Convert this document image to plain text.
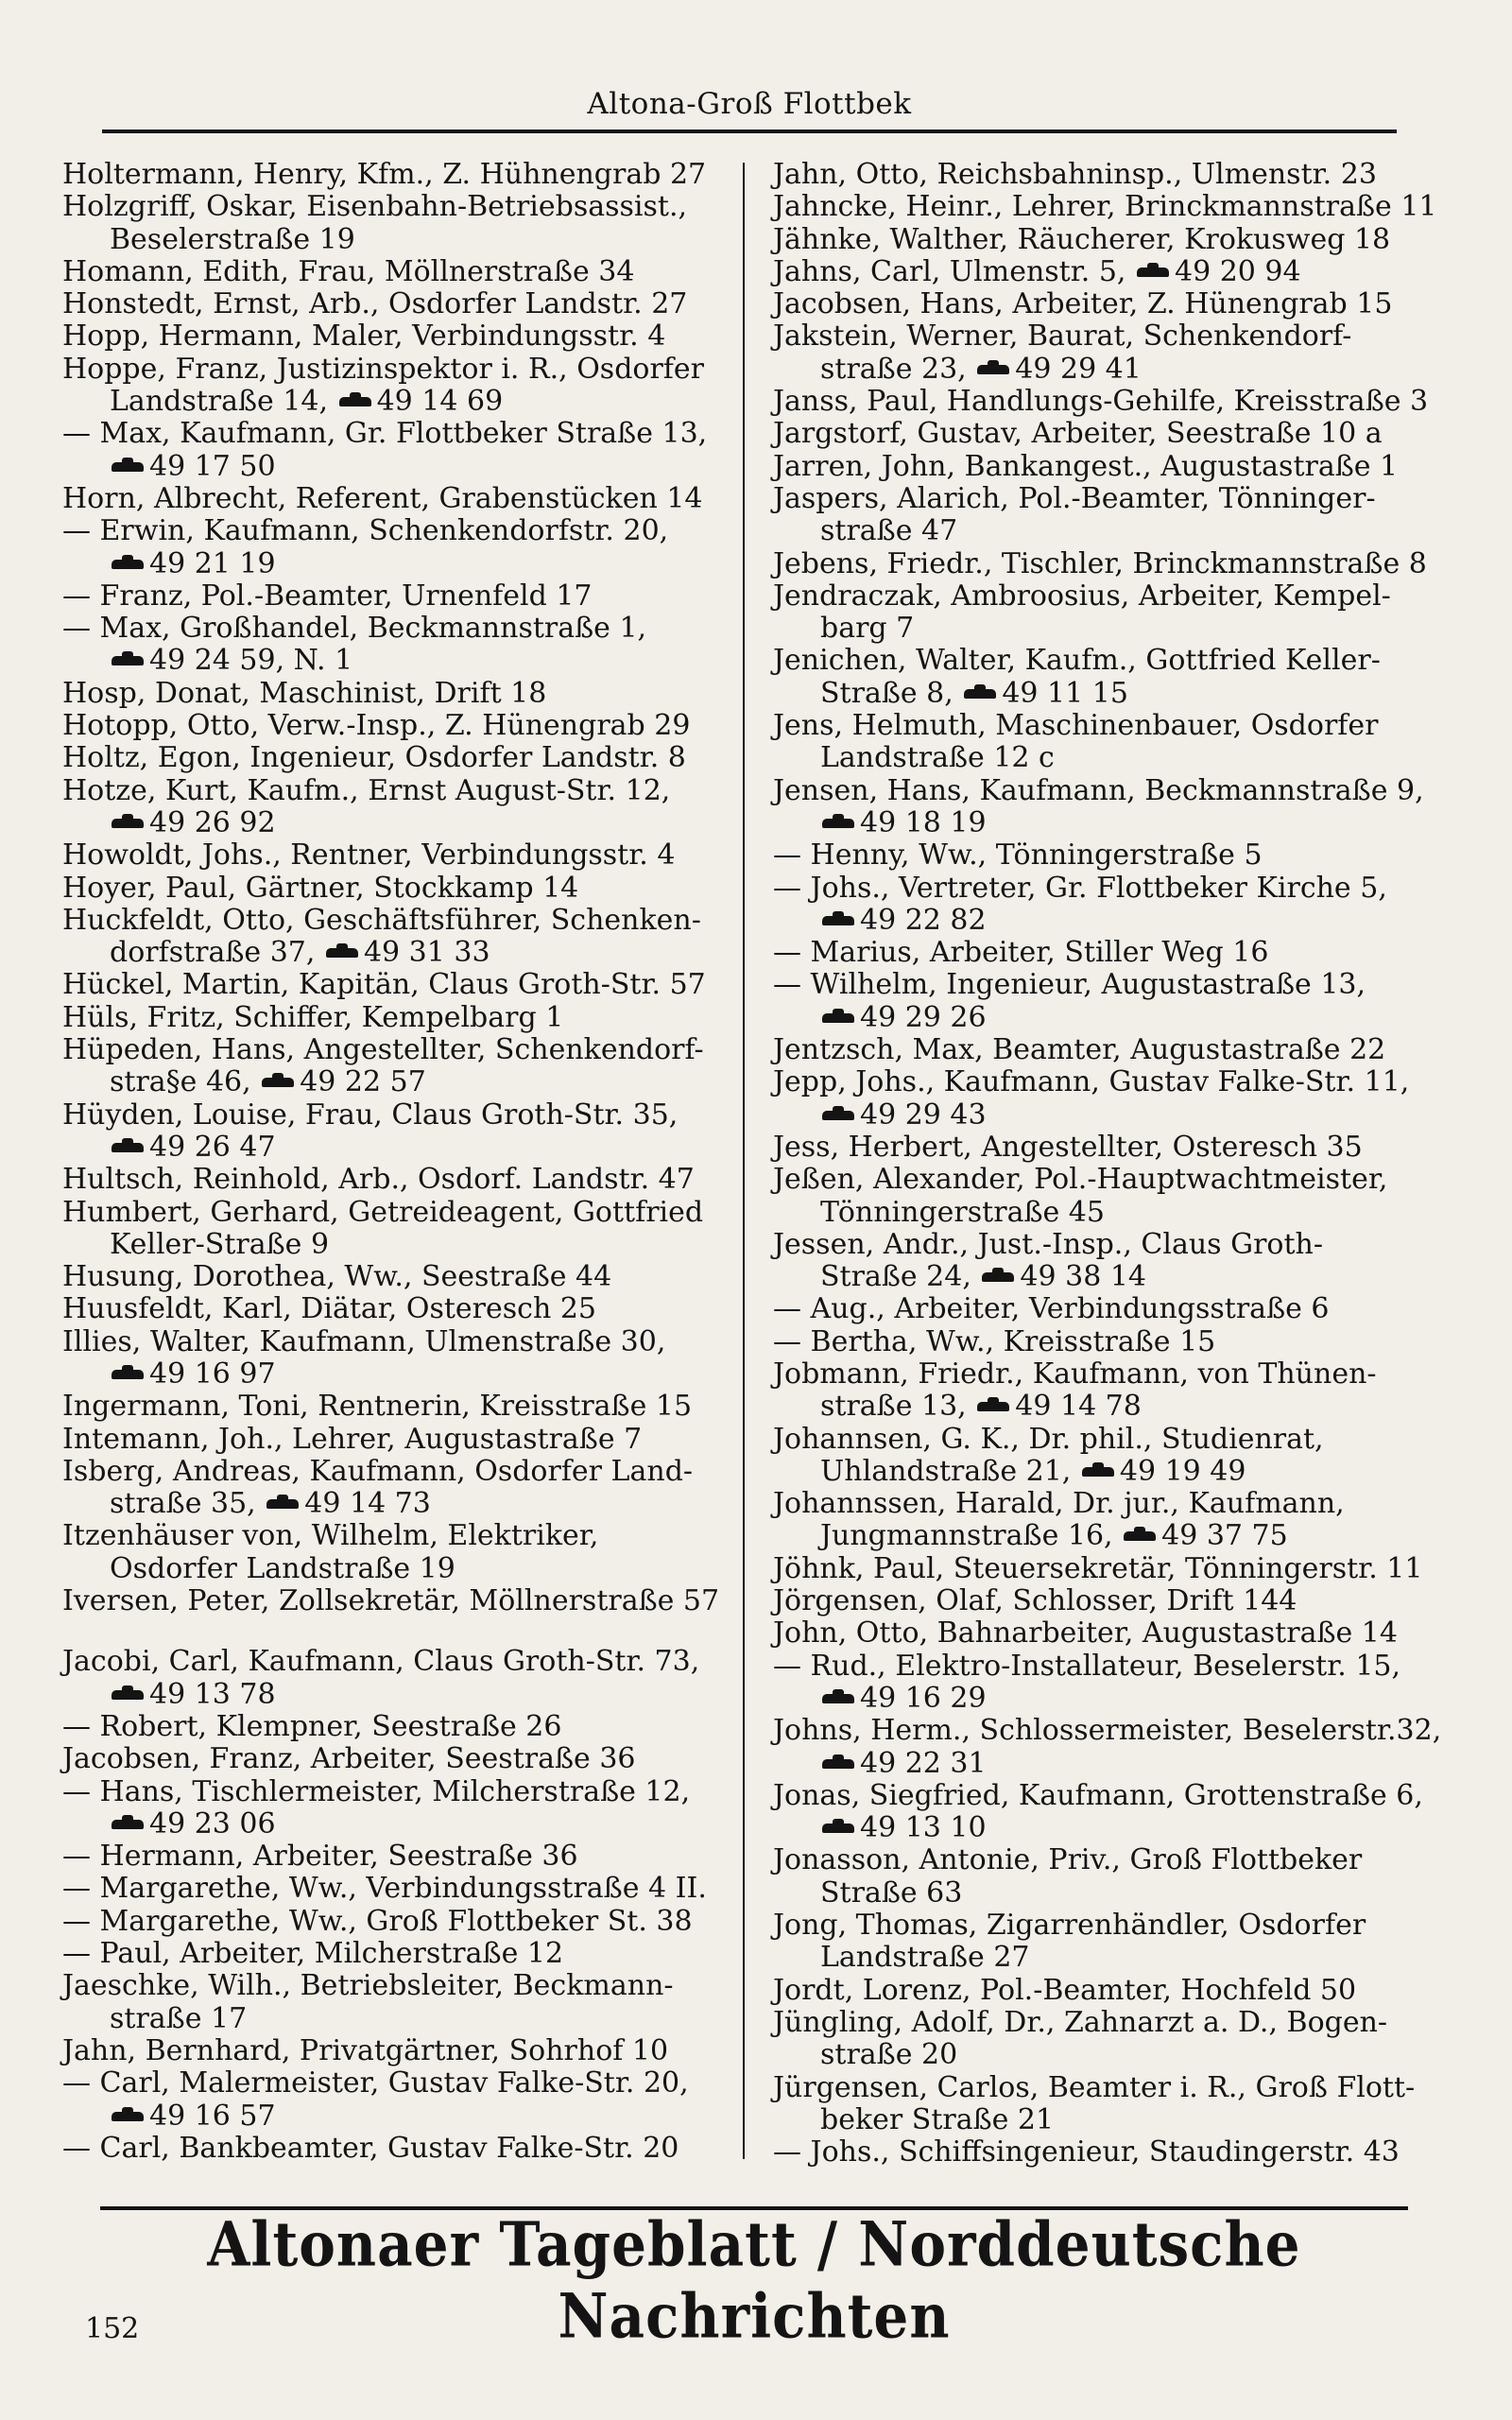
Altona-Groß Flottbek
Holtermann, Henry, Kfm., Z. Hühnengrab 27
Holzgriff, Oskar, Eisenbahn-Betriebsassist.,
Beselerstraße 19
Homann, Edith, Frau, Möllnerstraße 34
Honstedt, Ernst, Arb., Osdorfer Landstr. 27
Hopp, Hermann, Maler, Verbindungsstr. 4
Hoppe, Franz, Justizinspektor i. R., Osdorfer
Landstraße 14, 49 14 69
— Max, Kaufmann, Gr. Flottbeker Straße 13,
49 17 50
Horn, Albrecht, Referent, Grabenstücken 14
— Erwin, Kaufmann, Schenkendorfstr. 20,
49 21 19
— Franz, Pol.-Beamter, Urnenfeld 17
— Max, Großhandel, Beckmannstraße 1,
49 24 59, N. 1
Hosp, Donat, Maschinist, Drift 18
Hotopp, Otto, Verw.-Insp., Z. Hünengrab 29
Holtz, Egon, Ingenieur, Osdorfer Landstr. 8
Hotze, Kurt, Kaufm., Ernst August-Str. 12,
49 26 92
Howoldt, Johs., Rentner, Verbindungsstr. 4
Hoyer, Paul, Gärtner, Stockkamp 14
Huckfeldt, Otto, Geschäftsführer, Schenken-
dorfstraße 37, 49 31 33
Hückel, Martin, Kapitän, Claus Groth-Str. 57
Hüls, Fritz, Schiffer, Kempelbarg 1
Hüpeden, Hans, Angestellter, Schenkendorf-
stra§e 46, 49 22 57
Hüyden, Louise, Frau, Claus Groth-Str. 35,
49 26 47
Hultsch, Reinhold, Arb., Osdorf. Landstr. 47
Humbert, Gerhard, Getreideagent, Gottfried
Keller-Straße 9
Husung, Dorothea, Ww., Seestraße 44
Huusfeldt, Karl, Diätar, Osteresch 25
Illies, Walter, Kaufmann, Ulmenstraße 30,
49 16 97
Ingermann, Toni, Rentnerin, Kreisstraße 15
Intemann, Joh., Lehrer, Augustastraße 7
Isberg, Andreas, Kaufmann, Osdorfer Land-
straße 35, 49 14 73
Itzenhäuser von, Wilhelm, Elektriker,
Osdorfer Landstraße 19
Iversen, Peter, Zollsekretär, Möllnerstraße 57
Jacobi, Carl, Kaufmann, Claus Groth-Str. 73,
49 13 78
— Robert, Klempner, Seestraße 26
Jacobsen, Franz, Arbeiter, Seestraße 36
— Hans, Tischlermeister, Milcherstraße 12,
49 23 06
— Hermann, Arbeiter, Seestraße 36
— Margarethe, Ww., Verbindungsstraße 4 II.
— Margarethe, Ww., Groß Flottbeker St. 38
— Paul, Arbeiter, Milcherstraße 12
Jaeschke, Wilh., Betriebsleiter, Beckmann-
straße 17
Jahn, Bernhard, Privatgärtner, Sohrhof 10
— Carl, Malermeister, Gustav Falke-Str. 20,
49 16 57
— Carl, Bankbeamter, Gustav Falke-Str. 20
Jahn, Otto, Reichsbahninsp., Ulmenstr. 23
Jahncke, Heinr., Lehrer, Brinckmannstraße 11
Jähnke, Walther, Räucherer, Krokusweg 18
Jahns, Carl, Ulmenstr. 5, 49 20 94
Jacobsen, Hans, Arbeiter, Z. Hünengrab 15
Jakstein, Werner, Baurat, Schenkendorf-
straße 23, 49 29 41
Janss, Paul, Handlungs-Gehilfe, Kreisstraße 3
Jargstorf, Gustav, Arbeiter, Seestraße 10 a
Jarren, John, Bankangest., Augustastraße 1
Jaspers, Alarich, Pol.-Beamter, Tönninger-
straße 47
Jebens, Friedr., Tischler, Brinckmannstraße 8
Jendraczak, Ambroosius, Arbeiter, Kempel-
barg 7
Jenichen, Walter, Kaufm., Gottfried Keller-
Straße 8, 49 11 15
Jens, Helmuth, Maschinenbauer, Osdorfer
Landstraße 12 c
Jensen, Hans, Kaufmann, Beckmannstraße 9,
49 18 19
— Henny, Ww., Tönningerstraße 5
— Johs., Vertreter, Gr. Flottbeker Kirche 5,
49 22 82
— Marius, Arbeiter, Stiller Weg 16
— Wilhelm, Ingenieur, Augustastraße 13,
49 29 26
Jentzsch, Max, Beamter, Augustastraße 22
Jepp, Johs., Kaufmann, Gustav Falke-Str. 11,
49 29 43
Jess, Herbert, Angestellter, Osteresch 35
Jeßen, Alexander, Pol.-Hauptwachtmeister,
Tönningerstraße 45
Jessen, Andr., Just.-Insp., Claus Groth-
Straße 24, 49 38 14
— Aug., Arbeiter, Verbindungsstraße 6
— Bertha, Ww., Kreisstraße 15
Jobmann, Friedr., Kaufmann, von Thünen-
straße 13, 49 14 78
Johannsen, G. K., Dr. phil., Studienrat,
Uhlandstraße 21, 49 19 49
Johannssen, Harald, Dr. jur., Kaufmann,
Jungmannstraße 16, 49 37 75
Jöhnk, Paul, Steuersekretär, Tönningerstr. 11
Jörgensen, Olaf, Schlosser, Drift 144
John, Otto, Bahnarbeiter, Augustastraße 14
— Rud., Elektro-Installateur, Beselerstr. 15,
49 16 29
Johns, Herm., Schlossermeister, Beselerstr.32,
49 22 31
Jonas, Siegfried, Kaufmann, Grottenstraße 6,
49 13 10
Jonasson, Antonie, Priv., Groß Flottbeker
Straße 63
Jong, Thomas, Zigarrenhändler, Osdorfer
Landstraße 27
Jordt, Lorenz, Pol.-Beamter, Hochfeld 50
Jüngling, Adolf, Dr., Zahnarzt a. D., Bogen-
straße 20
Jürgensen, Carlos, Beamter i. R., Groß Flott-
beker Straße 21
— Johs., Schiffsingenieur, Staudingerstr. 43
Altonaer Tageblatt / Norddeutsche Nachrichten
152
